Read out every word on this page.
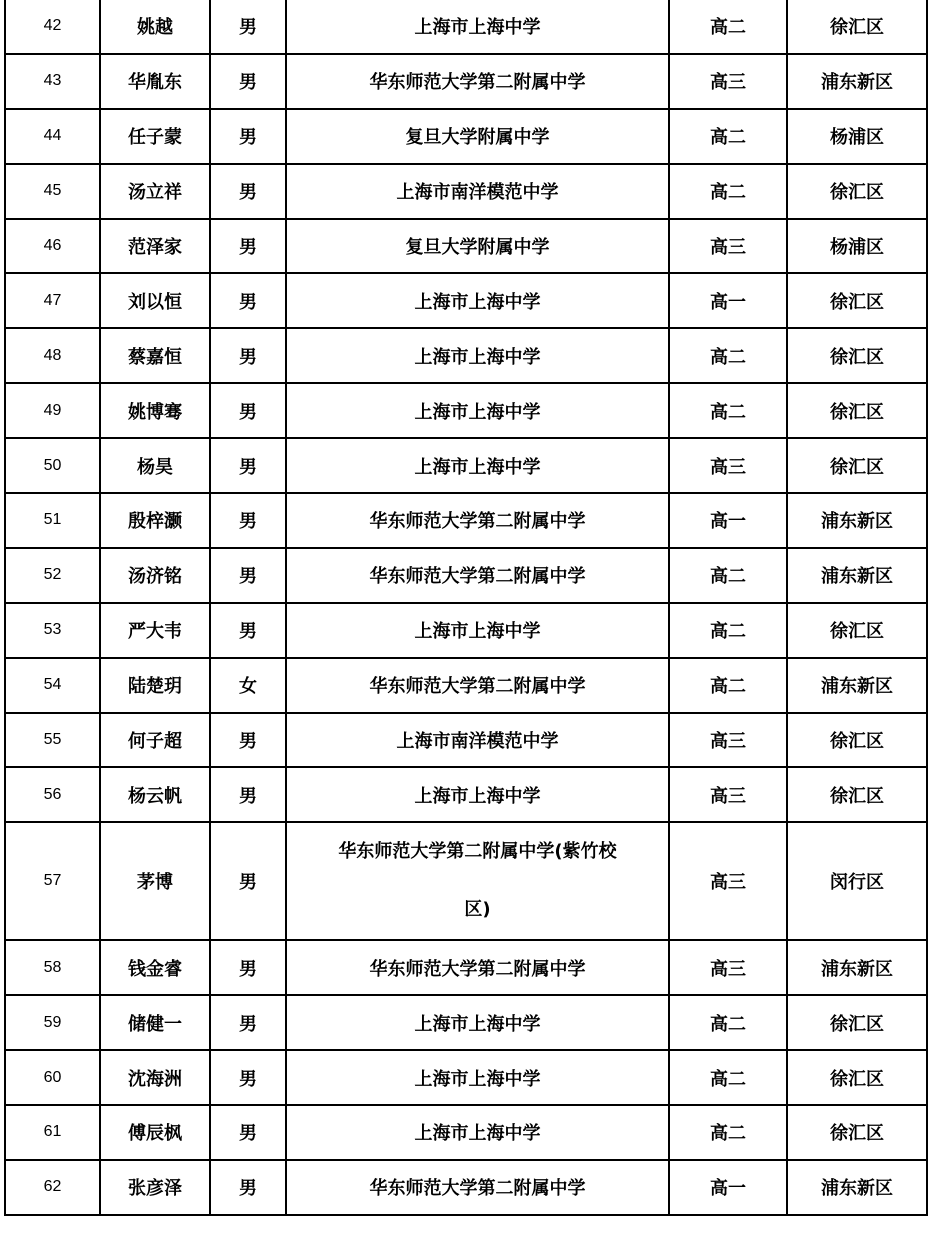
42	姚越	男	上海市上海中学	高二	徐汇区
43	华胤东	男	华东师范大学第二附属中学	高三	浦东新区
44	任子蒙	男	复旦大学附属中学	高二	杨浦区
45	汤立祥	男	上海市南洋模范中学	高二	徐汇区
46	范泽家	男	复旦大学附属中学	高三	杨浦区
47	刘以恒	男	上海市上海中学	高一	徐汇区
48	蔡嘉恒	男	上海市上海中学	高二	徐汇区
49	姚博骞	男	上海市上海中学	高二	徐汇区
50	杨昊	男	上海市上海中学	高三	徐汇区
51	殷梓灏	男	华东师范大学第二附属中学	高一	浦东新区
52	汤济铭	男	华东师范大学第二附属中学	高二	浦东新区
53	严大韦	男	上海市上海中学	高二	徐汇区
54	陆楚玥	女	华东师范大学第二附属中学	高二	浦东新区
55	何子超	男	上海市南洋模范中学	高三	徐汇区
56	杨云帆	男	上海市上海中学	高三	徐汇区
57	茅博	男	华东师范大学第二附属中学(紫竹校区)	高三	闵行区
58	钱金睿	男	华东师范大学第二附属中学	高三	浦东新区
59	储健一	男	上海市上海中学	高二	徐汇区
60	沈海洲	男	上海市上海中学	高二	徐汇区
61	傅辰枫	男	上海市上海中学	高二	徐汇区
62	张彦泽	男	华东师范大学第二附属中学	高一	浦东新区
